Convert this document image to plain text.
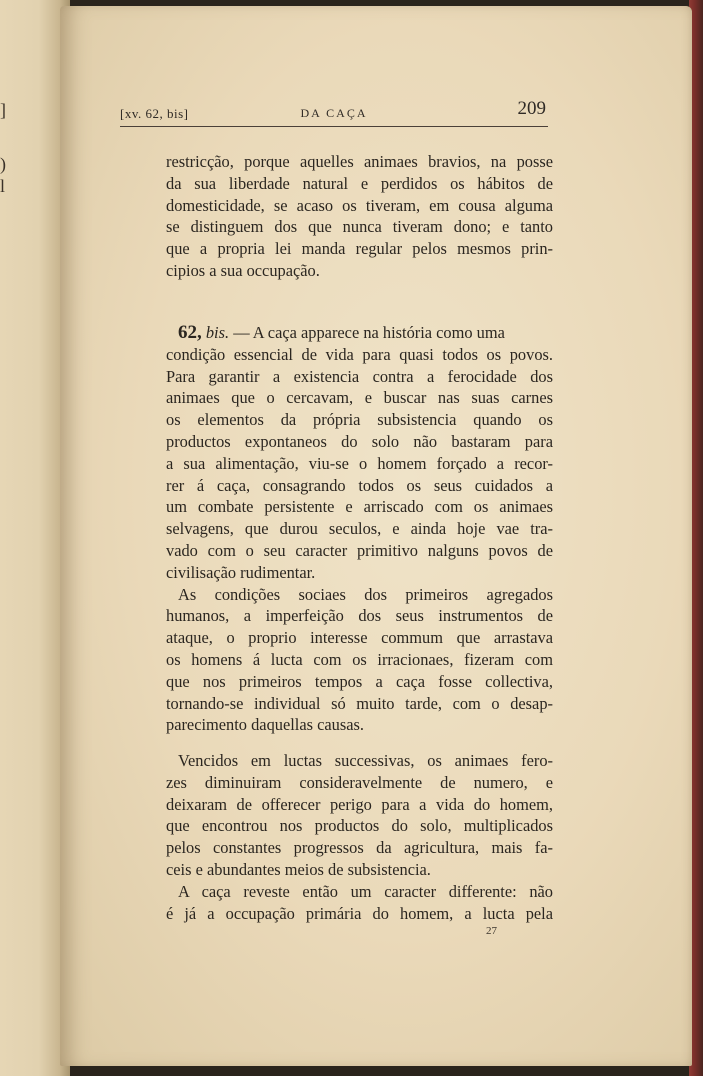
]
)
l
[xv. 62, bis]	DA CAÇA	209
restricção, porque aquelles animaes bravios, na posse
da sua liberdade natural e perdidos os hábitos de
domesticidade, se acaso os tiveram, em cousa alguma
se distinguem dos que nunca tiveram dono; e tanto
que a propria lei manda regular pelos mesmos prin-
cipios a sua occupação.
62, bis. — A caça apparece na história como uma
condição essencial de vida para quasi todos os povos.
Para garantir a existencia contra a ferocidade dos
animaes que o cercavam, e buscar nas suas carnes
os elementos da própria subsistencia quando os
productos expontaneos do solo não bastaram para
a sua alimentação, viu-se o homem forçado a recor-
rer á caça, consagrando todos os seus cuidados a
um combate persistente e arriscado com os animaes
selvagens, que durou seculos, e ainda hoje vae tra-
vado com o seu caracter primitivo nalguns povos de
civilisação rudimentar.
As condições sociaes dos primeiros agregados
humanos, a imperfeição dos seus instrumentos de
ataque, o proprio interesse commum que arrastava
os homens á lucta com os irracionaes, fizeram com
que nos primeiros tempos a caça fosse collectiva,
tornando-se individual só muito tarde, com o desap-
parecimento daquellas causas.
Vencidos em luctas successivas, os animaes fero-
zes diminuiram consideravelmente de numero, e
deixaram de offerecer perigo para a vida do homem,
que encontrou nos productos do solo, multiplicados
pelos constantes progressos da agricultura, mais fa-
ceis e abundantes meios de subsistencia.
A caça reveste então um caracter differente: não
é já a occupação primária do homem, a lucta pela
27
